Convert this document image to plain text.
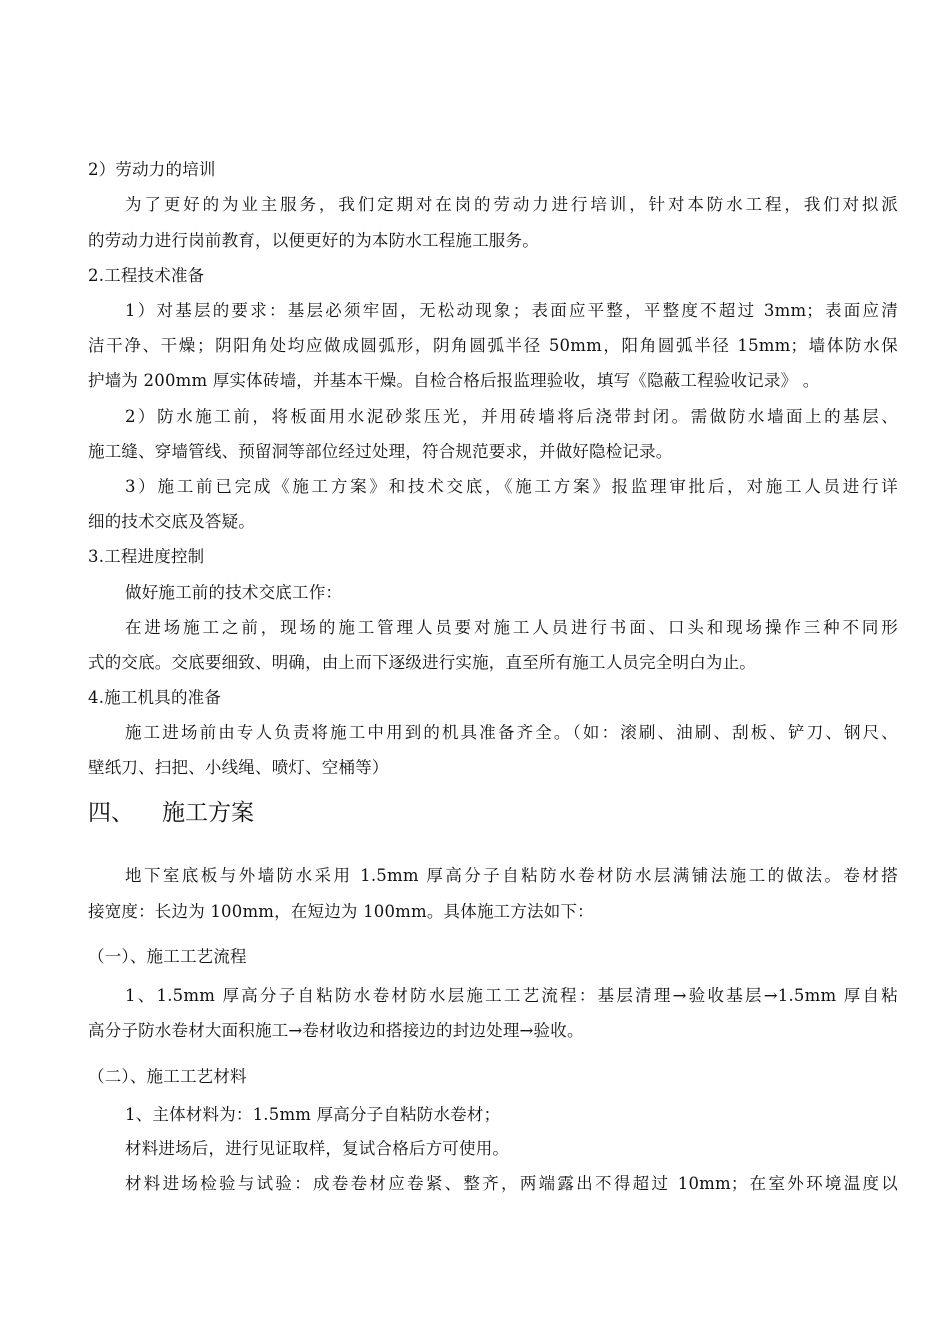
2）劳动力的培训
为了更好的为业主服务，我们定期对在岗的劳动力进行培训，针对本防水工程，我们对拟派
的劳动力进行岗前教育，以便更好的为本防水工程施工服务。
2.工程技术准备
1）对基层的要求：基层必须牢固，无松动现象；表面应平整，平整度不超过 3mm；表面应清
洁干净、干燥；阴阳角处均应做成圆弧形，阴角圆弧半径 50mm，阳角圆弧半径 15mm；墙体防水保
护墙为 200mm 厚实体砖墙，并基本干燥。自检合格后报监理验收，填写《隐蔽工程验收记录》 。
2）防水施工前，将板面用水泥砂浆压光，并用砖墙将后浇带封闭。需做防水墙面上的基层、
施工缝、穿墙管线、预留洞等部位经过处理，符合规范要求，并做好隐检记录。
3）施工前已完成《施工方案》和技术交底，《施工方案》报监理审批后，对施工人员进行详
细的技术交底及答疑。
3.工程进度控制
做好施工前的技术交底工作：
在进场施工之前，现场的施工管理人员要对施工人员进行书面、口头和现场操作三种不同形
式的交底。交底要细致、明确，由上而下逐级进行实施，直至所有施工人员完全明白为止。
4.施工机具的准备
施工进场前由专人负责将施工中用到的机具准备齐全。（如：滚刷、油刷、刮板、铲刀、钢尺、
壁纸刀、扫把、小线绳、喷灯、空桶等）
四、 施工方案
地下室底板与外墙防水采用 1.5mm 厚高分子自粘防水卷材防水层满铺法施工的做法。卷材搭
接宽度：长边为 100mm，在短边为 100mm。具体施工方法如下：
（一）、施工工艺流程
1、1.5mm 厚高分子自粘防水卷材防水层施工工艺流程：基层清理→验收基层→1.5mm 厚自粘
高分子防水卷材大面积施工→卷材收边和搭接边的封边处理→验收。
（二）、施工工艺材料
1、主体材料为：1.5mm 厚高分子自粘防水卷材；
材料进场后，进行见证取样，复试合格后方可使用。
材料进场检验与试验：成卷卷材应卷紧、整齐，两端露出不得超过 10mm；在室外环境温度以
